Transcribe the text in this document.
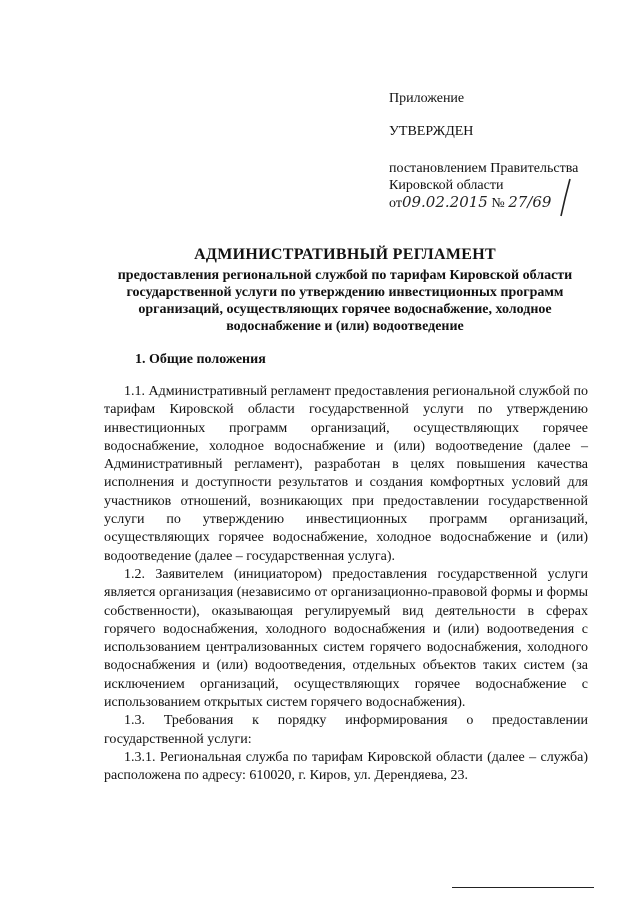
Приложение
УТВЕРЖДЕН
постановлением Правительства
Кировской области
от09.02.2015 № 27/69
АДМИНИСТРАТИВНЫЙ РЕГЛАМЕНТ
предоставления региональной службой по тарифам Кировской области государственной услуги по утверждению инвестиционных программ организаций, осуществляющих горячее водоснабжение, холодное водоснабжение и (или) водоотведение
1. Общие положения

1.1. Административный регламент предоставления региональной службой по тарифам Кировской области государственной услуги по утверждению инвестиционных программ организаций, осуществляющих горячее водоснабжение, холодное водоснабжение и (или) водоотведение (далее – Административный регламент), разработан в целях повышения качества исполнения и доступности результатов и создания комфортных условий для участников отношений, возникающих при предоставлении государственной услуги по утверждению инвестиционных программ организаций, осуществляющих горячее водоснабжение, холодное водоснабжение и (или) водоотведение (далее – государственная услуга).

1.2. Заявителем (инициатором) предоставления государственной услуги является организация (независимо от организационно-правовой формы и формы собственности), оказывающая регулируемый вид деятельности в сферах горячего водоснабжения, холодного водоснабжения и (или) водоотведения с использованием централизованных систем горячего водоснабжения, холодного водоснабжения и (или) водоотведения, отдельных объектов таких систем (за исключением организаций, осуществляющих горячее водоснабжение с использованием открытых систем горячего водоснабжения).

1.3. Требования к порядку информирования о предоставлении государственной услуги:

1.3.1. Региональная служба по тарифам Кировской области (далее – служба) расположена по адресу: 610020, г. Киров, ул. Дерендяева, 23.
